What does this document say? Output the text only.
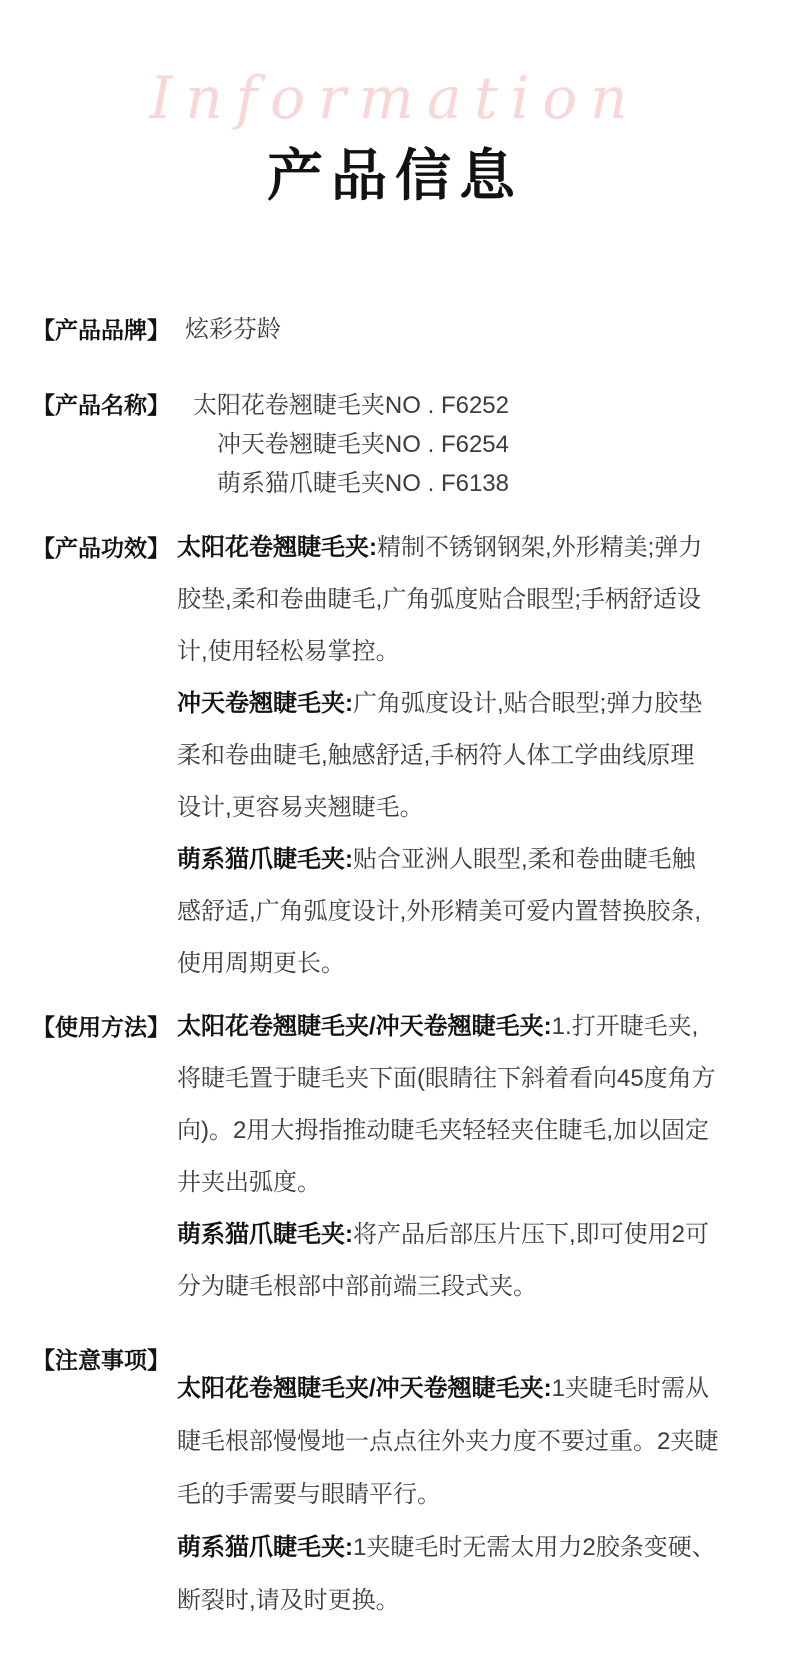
Information
产品信息
【产品品牌】 炫彩芬龄
【产品名称】 太阳花卷翘睫毛夹NO . F6252
冲天卷翘睫毛夹NO . F6254
萌系猫爪睫毛夹NO . F6138
【产品功效】 太阳花卷翘睫毛夹:精制不锈钢钢架,外形精美;弹力
胶垫,柔和卷曲睫毛,广角弧度贴合眼型;手柄舒适设
计,使用轻松易掌控。
冲天卷翘睫毛夹:广角弧度设计,贴合眼型;弹力胶垫
柔和卷曲睫毛,触感舒适,手柄符人体工学曲线原理
设计,更容易夹翘睫毛。
萌系猫爪睫毛夹:贴合亚洲人眼型,柔和卷曲睫毛触
感舒适,广角弧度设计,外形精美可爱内置替换胶条,
使用周期更长。
【使用方法】 太阳花卷翘睫毛夹/冲天卷翘睫毛夹:1.打开睫毛夹,
将睫毛置于睫毛夹下面(眼睛往下斜着看向45度角方
向)。2用大拇指推动睫毛夹轻轻夹住睫毛,加以固定
井夹出弧度。
萌系猫爪睫毛夹:将产品后部压片压下,即可使用2可
分为睫毛根部中部前端三段式夹。
【注意事项】
太阳花卷翘睫毛夹/冲天卷翘睫毛夹:1夹睫毛时需从
睫毛根部慢慢地一点点往外夹力度不要过重。2夹睫
毛的手需要与眼睛平行。
萌系猫爪睫毛夹:1夹睫毛时无需太用力2胶条变硬、
断裂时,请及时更换。
